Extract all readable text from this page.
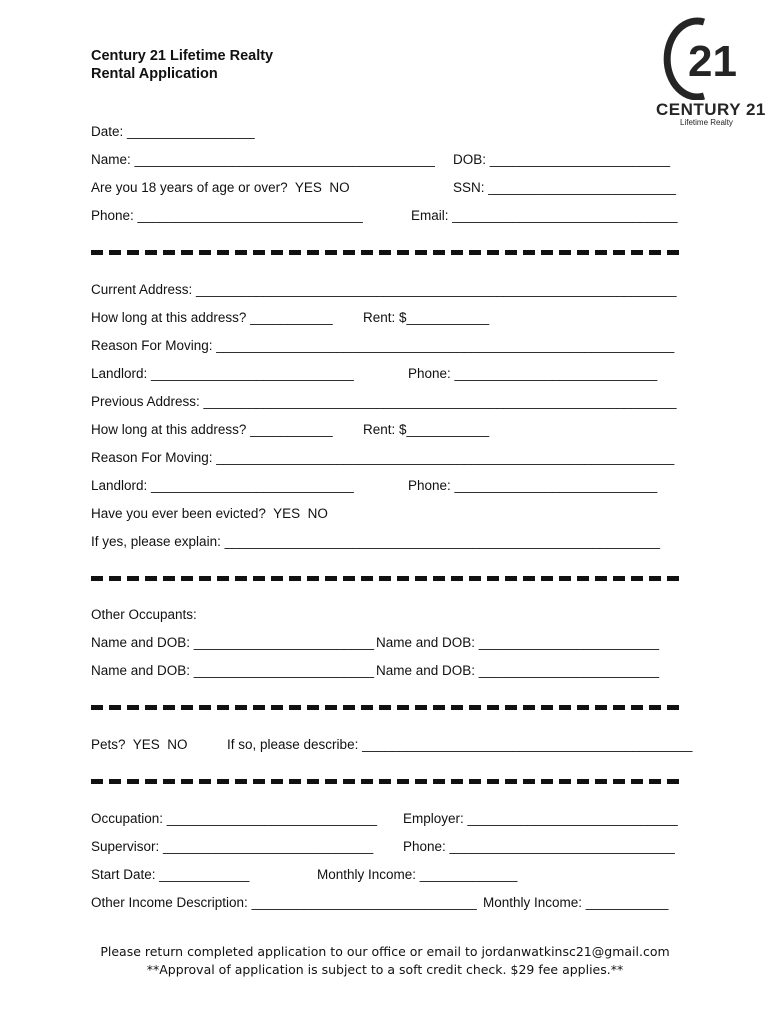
Century 21 Lifetime Realty
Rental Application	21
CENTURY 21
Lifetime Realty
Date: _________________
Name: ________________________________________ DOB: ________________________
Are you 18 years of age or over?  YES  NO	SSN: _________________________
Phone: ______________________________	Email: ______________________________
Current Address: ________________________________________________________________
How long at this address? ___________ Rent: $___________
Reason For Moving: _____________________________________________________________
Landlord: ___________________________	Phone: ___________________________
Previous Address: _______________________________________________________________
How long at this address? ___________ Rent: $___________
Reason For Moving: _____________________________________________________________
Landlord: ___________________________	Phone: ___________________________
Have you ever been evicted?  YES  NO
If yes, please explain: __________________________________________________________
Other Occupants:
Name and DOB: ________________________ Name and DOB: ________________________
Name and DOB: ________________________ Name and DOB: ________________________
Pets?  YES  NO	If so, please describe: ____________________________________________
Occupation: ____________________________ Employer: ____________________________
Supervisor: ____________________________ Phone: ______________________________
Start Date: ____________	Monthly Income: _____________
Other Income Description: ______________________________ Monthly Income: ___________
Please return completed application to our office or email to jordanwatkinsc21@gmail.com
**Approval of application is subject to a soft credit check. $29 fee applies.**
